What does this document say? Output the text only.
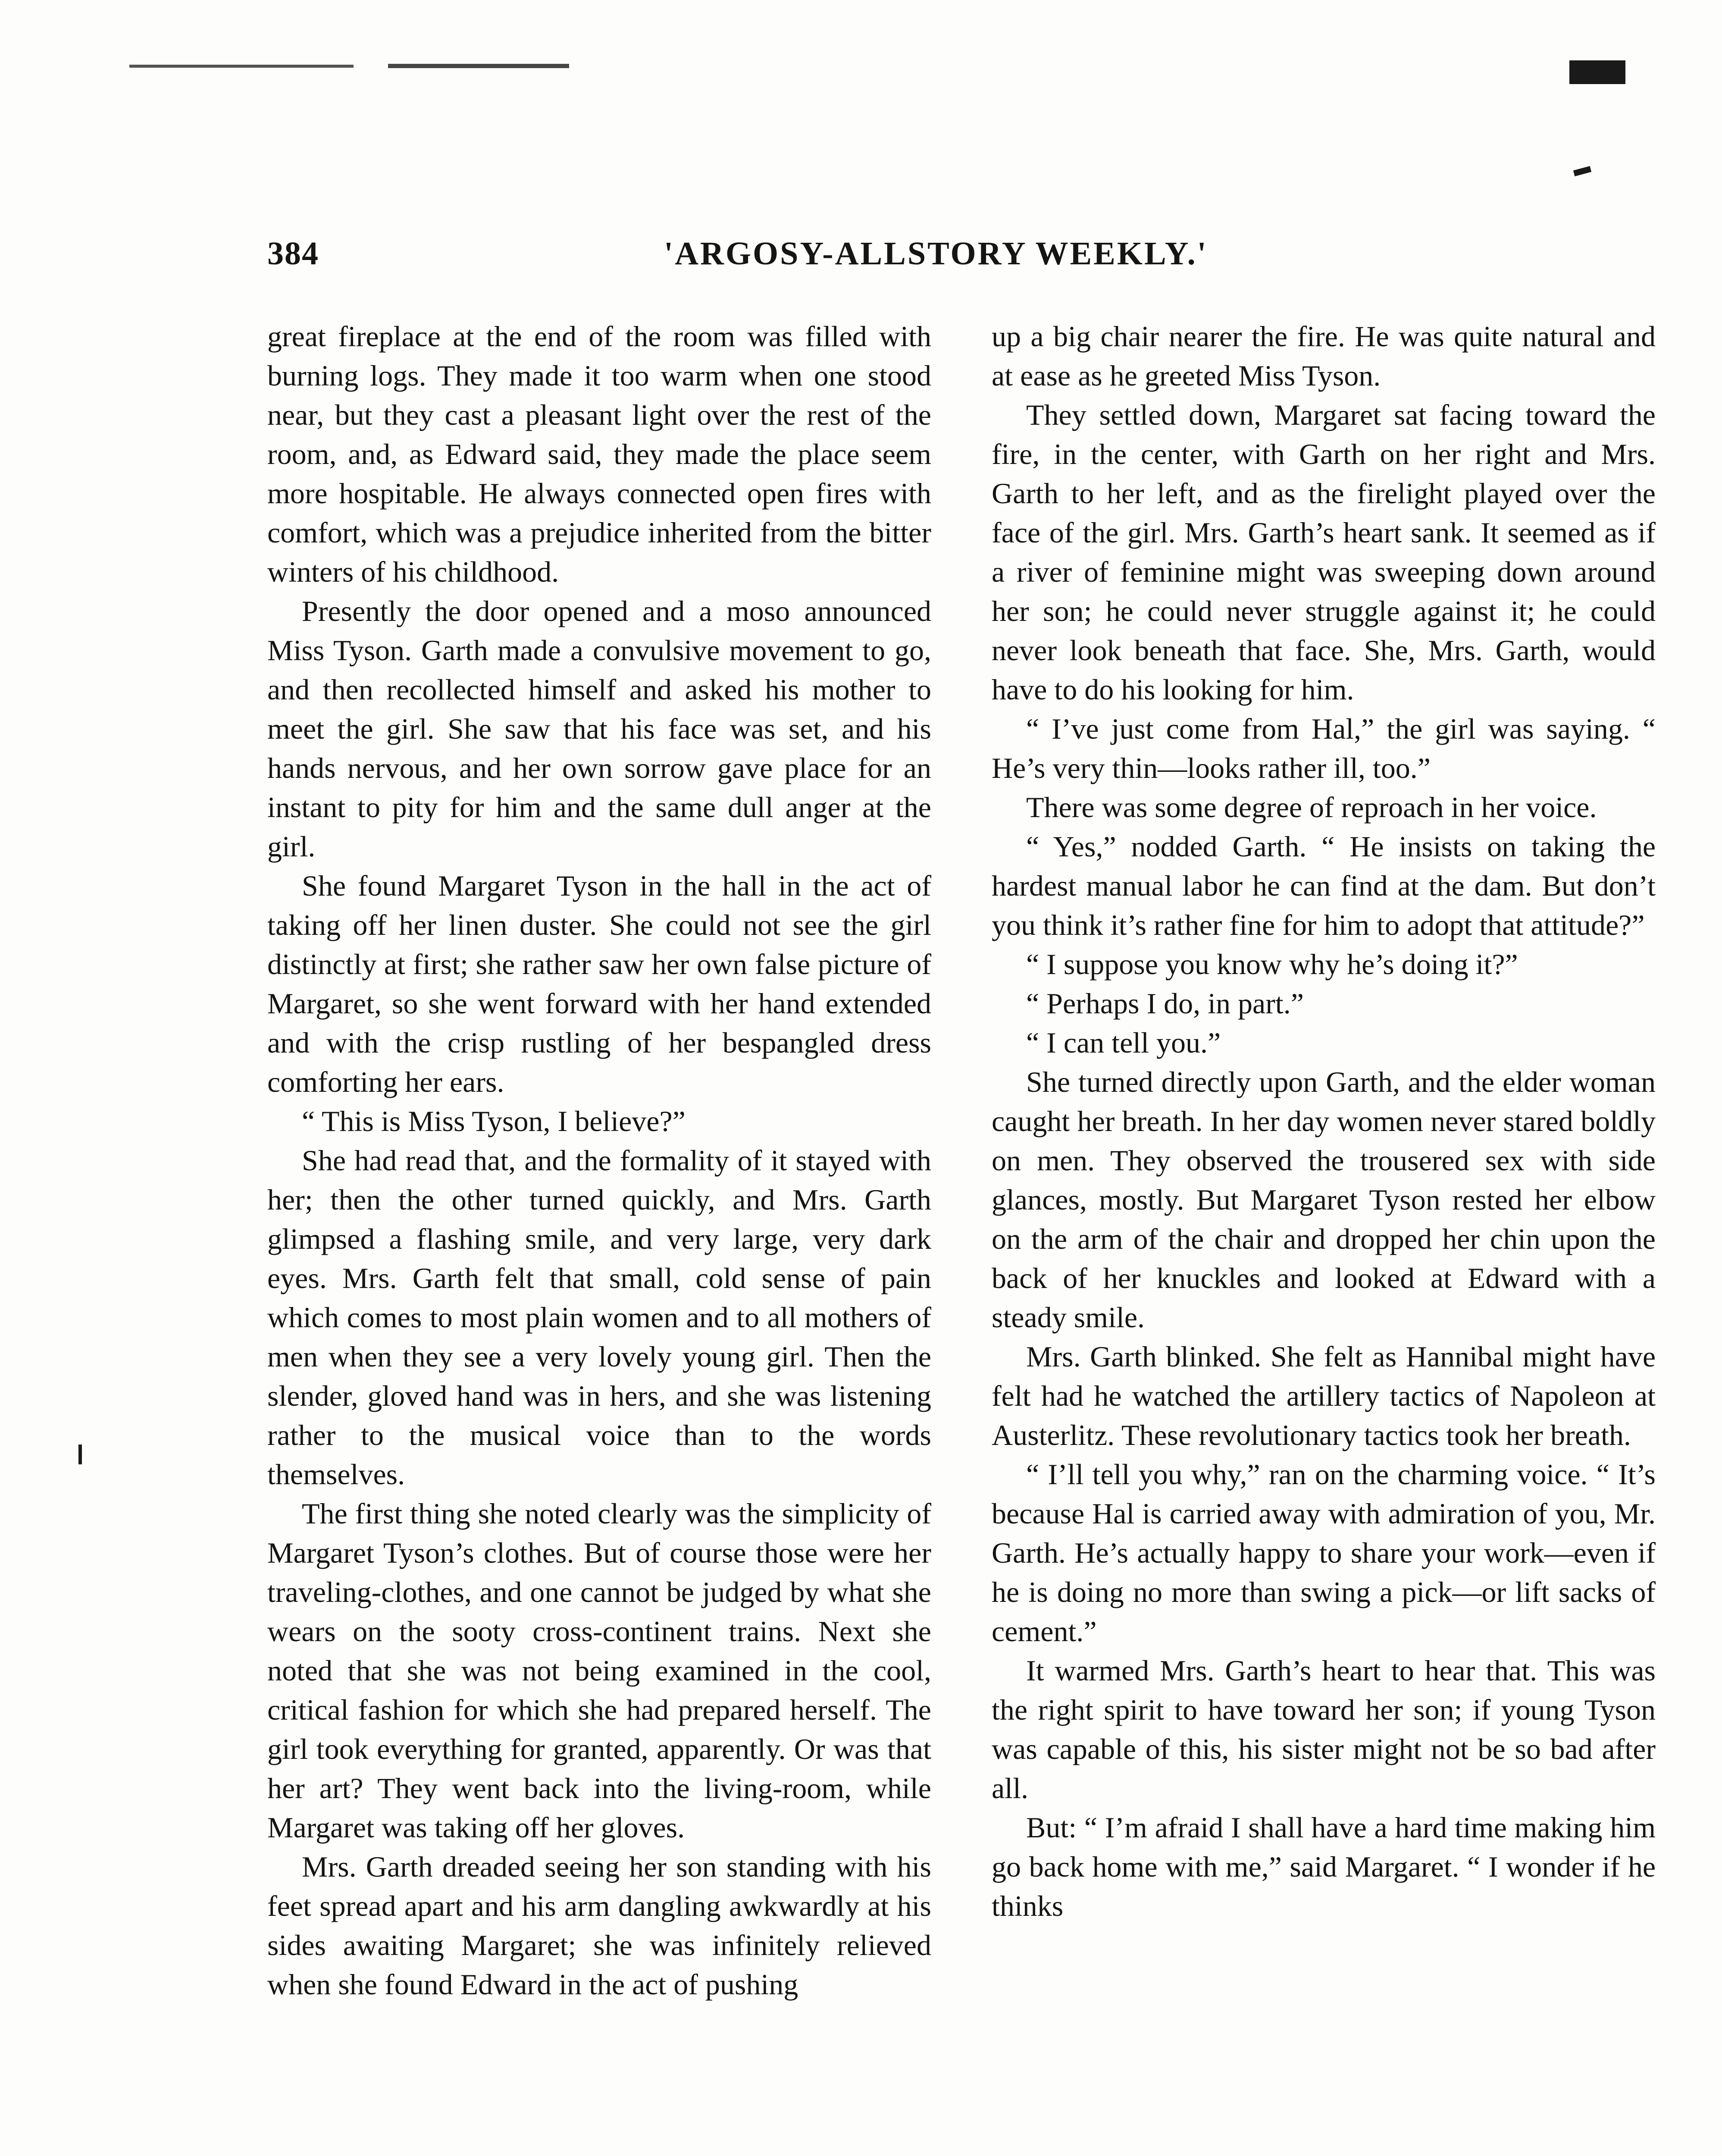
384	'ARGOSY-ALLSTORY WEEKLY.'

great fireplace at the end of the room was filled with burning logs. They made it too warm when one stood near, but they cast a pleasant light over the rest of the room, and, as Edward said, they made the place seem more hospitable. He always connected open fires with comfort, which was a prejudice inherited from the bitter winters of his childhood.

Presently the door opened and a moso announced Miss Tyson. Garth made a convulsive movement to go, and then recollected himself and asked his mother to meet the girl. She saw that his face was set, and his hands nervous, and her own sorrow gave place for an instant to pity for him and the same dull anger at the girl.

She found Margaret Tyson in the hall in the act of taking off her linen duster. She could not see the girl distinctly at first; she rather saw her own false picture of Margaret, so she went forward with her hand extended and with the crisp rustling of her bespangled dress comforting her ears.

“ This is Miss Tyson, I believe?”

She had read that, and the formality of it stayed with her; then the other turned quickly, and Mrs. Garth glimpsed a flashing smile, and very large, very dark eyes. Mrs. Garth felt that small, cold sense of pain which comes to most plain women and to all mothers of men when they see a very lovely young girl. Then the slender, gloved hand was in hers, and she was listening rather to the musical voice than to the words themselves.

The first thing she noted clearly was the simplicity of Margaret Tyson’s clothes. But of course those were her traveling-clothes, and one cannot be judged by what she wears on the sooty cross-continent trains. Next she noted that she was not being examined in the cool, critical fashion for which she had prepared herself. The girl took everything for granted, apparently. Or was that her art? They went back into the living-room, while Margaret was taking off her gloves.

Mrs. Garth dreaded seeing her son standing with his feet spread apart and his arm dangling awkwardly at his sides awaiting Margaret; she was infinitely relieved when she found Edward in the act of pushing

up a big chair nearer the fire. He was quite natural and at ease as he greeted Miss Tyson.

They settled down, Margaret sat facing toward the fire, in the center, with Garth on her right and Mrs. Garth to her left, and as the firelight played over the face of the girl. Mrs. Garth’s heart sank. It seemed as if a river of feminine might was sweeping down around her son; he could never struggle against it; he could never look beneath that face. She, Mrs. Garth, would have to do his looking for him.

“ I’ve just come from Hal,” the girl was saying. “ He’s very thin—looks rather ill, too.”

There was some degree of reproach in her voice.

“ Yes,” nodded Garth. “ He insists on taking the hardest manual labor he can find at the dam. But don’t you think it’s rather fine for him to adopt that attitude?”

“ I suppose you know why he’s doing it?”

“ Perhaps I do, in part.”

“ I can tell you.”

She turned directly upon Garth, and the elder woman caught her breath. In her day women never stared boldly on men. They observed the trousered sex with side glances, mostly. But Margaret Tyson rested her elbow on the arm of the chair and dropped her chin upon the back of her knuckles and looked at Edward with a steady smile.

Mrs. Garth blinked. She felt as Hannibal might have felt had he watched the artillery tactics of Napoleon at Austerlitz. These revolutionary tactics took her breath.

“ I’ll tell you why,” ran on the charming voice. “ It’s because Hal is carried away with admiration of you, Mr. Garth. He’s actually happy to share your work—even if he is doing no more than swing a pick—or lift sacks of cement.”

It warmed Mrs. Garth’s heart to hear that. This was the right spirit to have toward her son; if young Tyson was capable of this, his sister might not be so bad after all.

But: “ I’m afraid I shall have a hard time making him go back home with me,” said Margaret. “ I wonder if he thinks
